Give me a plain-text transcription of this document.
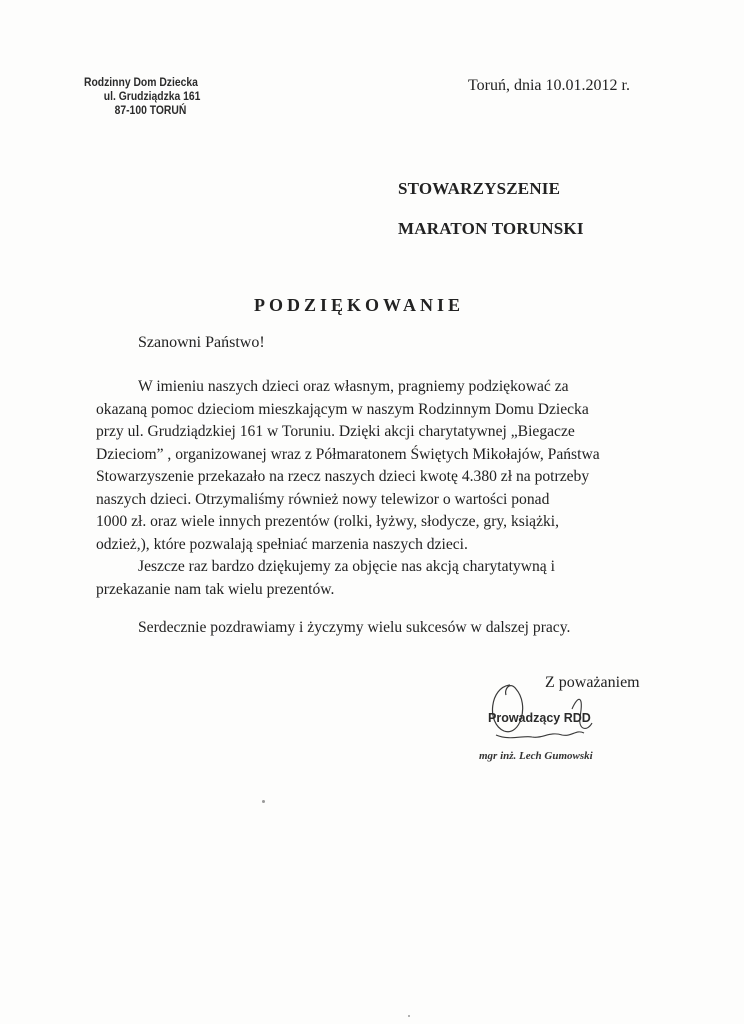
Rodzinny Dom Dziecka
ul. Grudziądzka 161
87-100 TORUŃ
Toruń, dnia 10.01.2012 r.
STOWARZYSZENIE
MARATON TORUNSKI
PODZIĘKOWANIE
Szanowni Państwo!
W imieniu naszych dzieci oraz własnym, pragniemy podziękować za
okazaną pomoc dzieciom mieszkającym w naszym Rodzinnym Domu Dziecka
przy ul. Grudziądzkiej 161 w Toruniu. Dzięki akcji charytatywnej „Biegacze
Dzieciom” , organizowanej wraz z Półmaratonem Świętych Mikołajów, Państwa
Stowarzyszenie przekazało na rzecz naszych dzieci kwotę 4.380 zł na potrzeby
naszych dzieci. Otrzymaliśmy również nowy telewizor o wartości ponad
1000 zł. oraz wiele innych prezentów (rolki, łyżwy, słodycze, gry, książki,
odzież,), które pozwalają spełniać marzenia naszych dzieci.
Jeszcze raz bardzo dziękujemy za objęcie nas akcją charytatywną i
przekazanie nam tak wielu prezentów.
Serdecznie pozdrawiamy i życzymy wielu sukcesów w dalszej pracy.
Z poważaniem
Prowadzący RDD
mgr inż. Lech Gumowski
